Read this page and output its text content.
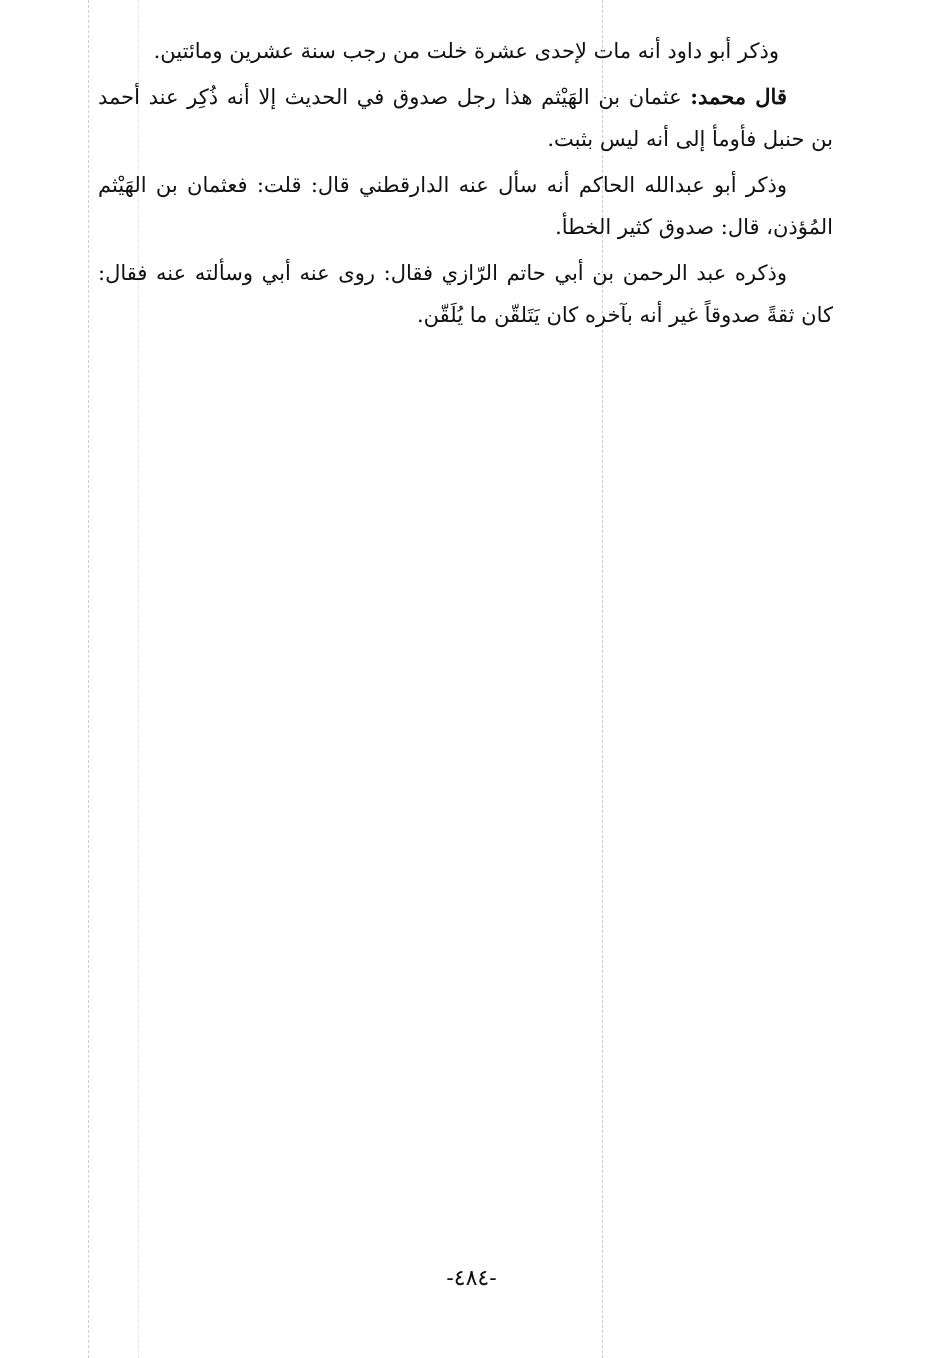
وذكر أبو داود أنه مات لإحدى عشرة خلت من رجب سنة عشرين ومائتين.

قال محمد: عثمان بن الهَيْثم هذا رجل صدوق في الحديث إلا أنه ذُكِر عند أحمد بن حنبل فأومأ إلى أنه ليس بثبت.

وذكر أبو عبدالله الحاكم أنه سأل عنه الدارقطني قال: قلت: فعثمان بن الهَيْثم المُؤذن، قال: صدوق كثير الخطأ.

وذكره عبد الرحمن بن أبي حاتم الرّازي فقال: روى عنه أبي وسألته عنه فقال: كان ثقةً صدوقاً غير أنه بآخره كان يَتَلقّن ما يُلَقّن.

-٤٨٤-
